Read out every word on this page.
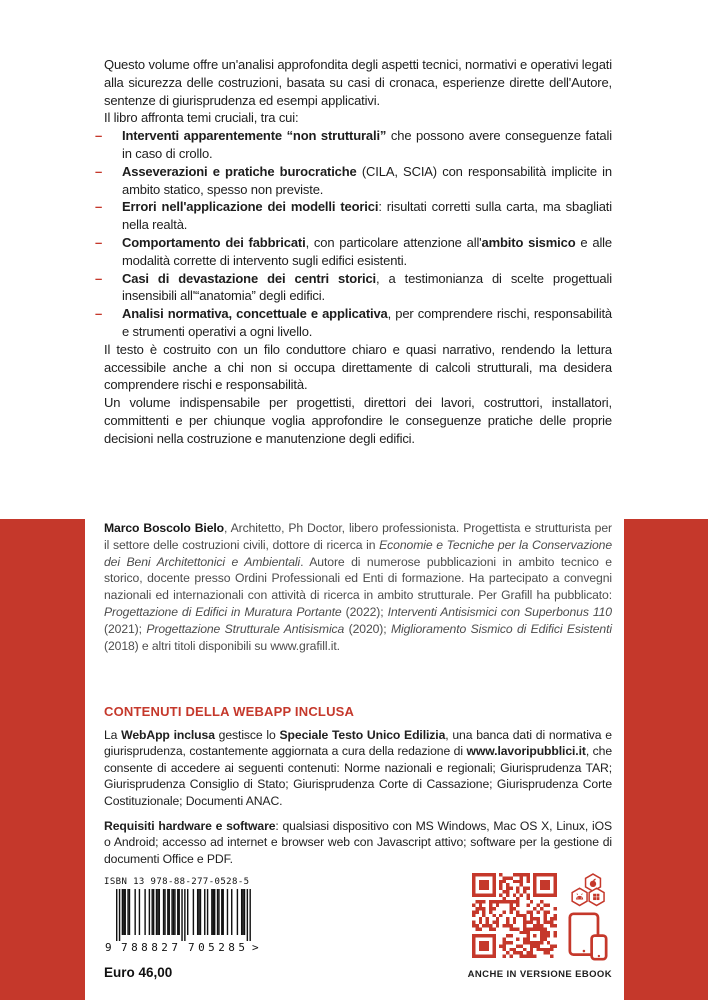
Questo volume offre un'analisi approfondita degli aspetti tecnici, normativi e operativi legati alla sicurezza delle costruzioni, basata su casi di cronaca, esperienze dirette dell'Autore, sentenze di giurisprudenza ed esempi applicativi.

Il libro affronta temi cruciali, tra cui:

– Interventi apparentemente “non strutturali” che possono avere conseguenze fatali in caso di crollo.
– Asseverazioni e pratiche burocratiche (CILA, SCIA) con responsabilità implicite in ambito statico, spesso non previste.
– Errori nell'applicazione dei modelli teorici: risultati corretti sulla carta, ma sbagliati nella realtà.
– Comportamento dei fabbricati, con particolare attenzione all'ambito sismico e alle modalità corrette di intervento sugli edifici esistenti.
– Casi di devastazione dei centri storici, a testimonianza di scelte progettuali insensibili all'“anatomia” degli edifici.
– Analisi normativa, concettuale e applicativa, per comprendere rischi, responsabilità e strumenti operativi a ogni livello.

Il testo è costruito con un filo conduttore chiaro e quasi narrativo, rendendo la lettura accessibile anche a chi non si occupa direttamente di calcoli strutturali, ma desidera comprendere rischi e responsabilità.

Un volume indispensabile per progettisti, direttori dei lavori, costruttori, installatori, committenti e per chiunque voglia approfondire le conseguenze pratiche delle proprie decisioni nella costruzione e manutenzione degli edifici.

Marco Boscolo Bielo, Architetto, Ph Doctor, libero professionista. Progettista e strutturista per il settore delle costruzioni civili, dottore di ricerca in Economie e Tecniche per la Conservazione dei Beni Architettonici e Ambientali. Autore di numerose pubblicazioni in ambito tecnico e storico, docente presso Ordini Professionali ed Enti di formazione. Ha partecipato a convegni nazionali ed internazionali con attività di ricerca in ambito strutturale. Per Grafill ha pubblicato: Progettazione di Edifici in Muratura Portante (2022); Interventi Antisismici con Superbonus 110 (2021); Progettazione Strutturale Antisismica (2020); Miglioramento Sismico di Edifici Esistenti (2018) e altri titoli disponibili su www.grafill.it.
CONTENUTI DELLA WEBAPP INCLUSA

La WebApp inclusa gestisce lo Speciale Testo Unico Edilizia, una banca dati di normativa e giurisprudenza, costantemente aggiornata a cura della redazione di www.lavoripubblici.it, che consente di accedere ai seguenti contenuti: Norme nazionali e regionali; Giurisprudenza TAR; Giurisprudenza Consiglio di Stato; Giurisprudenza Corte di Cassazione; Giurisprudenza Corte Costituzionale; Documenti ANAC.

Requisiti hardware e software: qualsiasi dispositivo con MS Windows, Mac OS X, Linux, iOS o Android; accesso ad internet e browser web con Javascript attivo; software per la gestione di documenti Office e PDF.

ISBN 13 978-88-277-0528-5
9 788827 705285 >
Euro 46,00	ANCHE IN VERSIONE EBOOK
